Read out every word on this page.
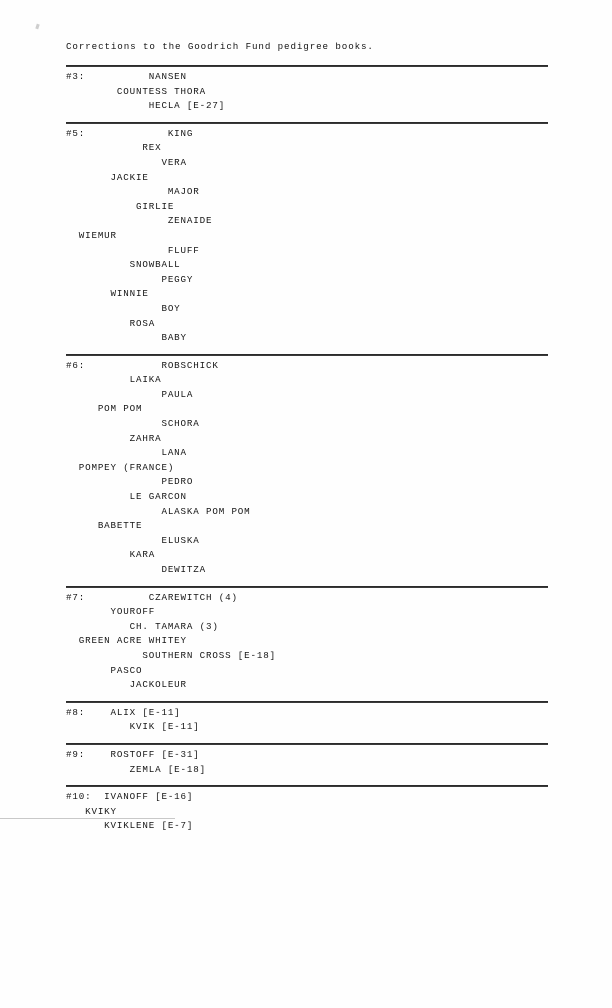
Corrections to the Goodrich Fund pedigree books.
#3:          NANSEN
COUNTESS THORA
HECLA [E-27]
#5:             KING
REX
VERA
JACKIE
MAJOR
GIRLIE
ZENAIDE
WIEMUR
FLUFF
SNOWBALL
PEGGY
WINNIE
BOY
ROSA
BABY
#6:            ROBSCHICK
LAIKA
PAULA
POM POM
SCHORA
ZAHRA
LANA
POMPEY (FRANCE)
PEDRO
LE GARCON
ALASKA POM POM
BABETTE
ELUSKA
KARA
DEWITZA
#7:          CZAREWITCH (4)
YOUROFF
CH. TAMARA (3)
GREEN ACRE WHITEY
SOUTHERN CROSS [E-18]
PASCO
JACKOLEUR
#8:    ALIX [E-11]
KVIK [E-11]
#9:    ROSTOFF [E-31]
ZEMLA [E-18]
#10:  IVANOFF [E-16]
KVIKY
KVIKLENE [E-7]
